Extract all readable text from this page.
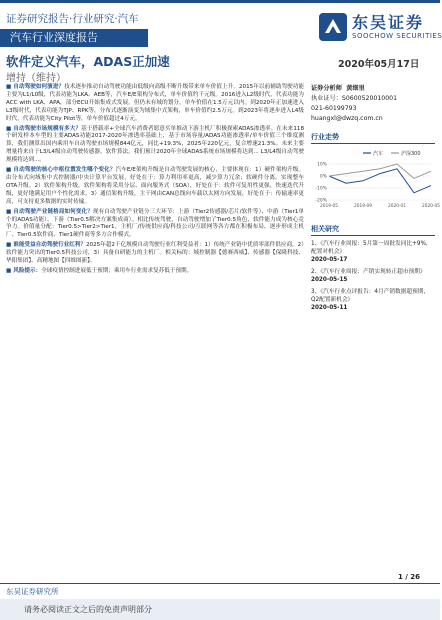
证券研究报告·行业研究·汽车
汽车行业深度报告
东吴证券
SOOCHOW SECURITIES
软件定义汽车，ADAS正加速
增持（维持）
2020年05月17日

■ 自动驾驶如何演进？技术逐步推动自动驾驶功能由低级向高级不断升级带来单车价值上升。2015年以前辅助驾驶功能主要为L1/L0级，代表功能为LKA、AEB等，汽车E/E架构分布式，单车价值约千元级。2016进入L2级时代，代表功能为ACC with LKA、APA，部分ECU开始集成式发展，但仍未有域的划分，单车价值在1.5万元以内。到2020年正加速进入L3级时代，代表功能为TJP、RPK等，分布式逐渐演变为域集中式架构，单车价值约2.5万元。到2023年将逐步进入L4级时代，代表功能为City Pilot等，单车价值超过4万元。

■ 自动驾驶市场规模有多大？基于搭载率+全球汽车消费者愿意买单推动下游主机厂积极探索ADAS渗透率。在未来118个研发样本车型的主要ADAS功能2017-2020年渗透率基础上，基于市场容量/ADAS功能渗透率/单车价值三个维度测算，我们测算出国内乘用车自动驾驶市场规模844亿元，同比+19.3%，2025年220亿元，复合增速21.3%。未来主要增量将来自于L3/L4级自动驾驶传感器、软件算法。我们预计2020年全球ADAS系统市场规模将达到... L3/L4级自动驾驶规模将达到...。

■ 自动驾驶的核心中枢位置发生哪个变化？汽车E/E架构升级是自动驾驶发展的核心，主要体现在：1）硬件架构升级。由分布式向域集中式控制器/中央计算平台发展，好处在于：算力利用率更高，减少算力冗余；软硬件分离，实现整车OTA升级。2）软件架构升级。软件架构将采用分层、面向服务式（SOA），好处在于：软件可复用性更强，快速迭代升级，更好地满足用户个性化需求。3）通信架构升级。主干网由CAN总线向车载以太网方向发展，好处在于：传输速率更高，可支持更多数据的实时传输。

■ 自动驾驶产业链格局如何变化？现有自动驾驶产业链分三大环节：上游（Tier2传感器/芯片/软件等）、中游（Tier1单个的ADAS功能）、下游（Tier0.5解决方案集成商）。相比传统驾驶，自动驾驶增加了Tier0.5角色，软件能力成为核心竞争力。价值量分配：Tier0.5>Tier2>Tier1。主机厂/传统供应商/科技公司/互联网等各方都在积极布局，逐步形成主机厂、Tier0.5软件商、Tier1硬件商等多方合作模式。

■ 谁能受益自动驾驶行业红利？2025年超2千亿规模自动驾驶行业红利受益者：1）传统产业链中优质零部件供应商，2）软件能力突出的Tier0.5科技公司，3）具备自研能力的主机厂。相关标的：域控制器【德赛西威】、传感器【保隆科技、华阳集团】、高精地图【四维图新】。

■ 风险提示：全球疫情控制进展低于预期；乘用车行业需求复苏低于预期。

证券分析师 黄细里
执业证号：S0600520010001
021-60199793
huangxl@dwzq.com.cn
行业走势
10%
0%
-10%
-20%
2019-05	2019-09	2020-01	2020-05
汽车	沪深300
相关研究
1、《汽车行业周报：5月第一周批发同比+9%，配置对机会》
2020-05-17
2、《汽车行业周报：产销实现转正超市预期》
2020-05-15
3、《汽车行业点评报告：4月产销数据超预期，Q2配置新机会》
2020-05-11
1 / 26
东吴证券研究所
请务必阅读正文之后的免责声明部分
